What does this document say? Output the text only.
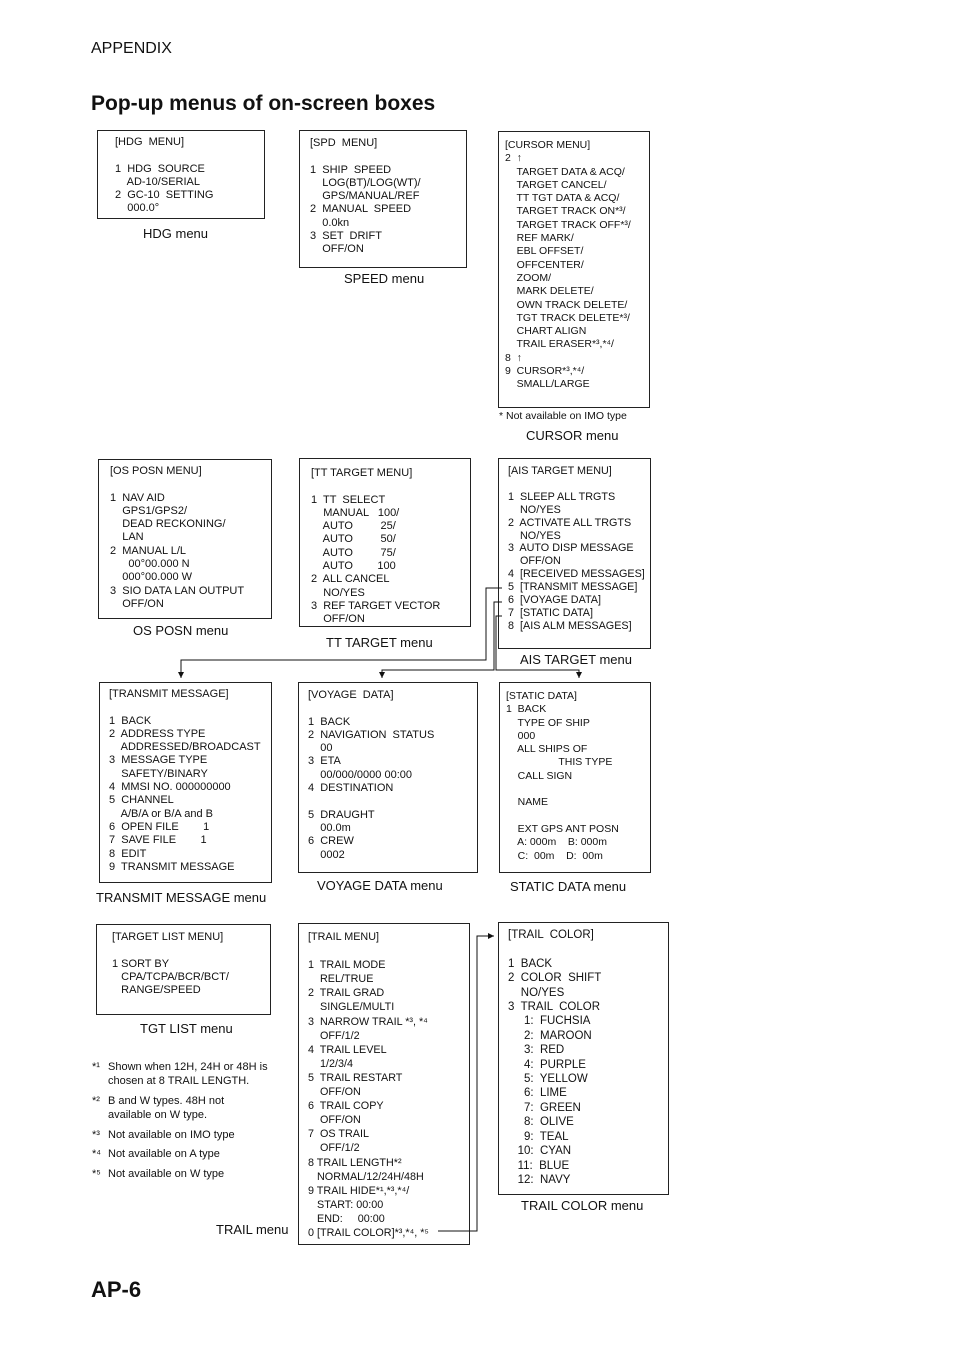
APPENDIX
Pop-up menus of on-screen boxes
[HDG  MENU]

1  HDG  SOURCE
AD-10/SERIAL
2  GC-10  SETTING
000.0°
HDG menu
[SPD  MENU]

1  SHIP  SPEED
LOG(BT)/LOG(WT)/
GPS/MANUAL/REF
2  MANUAL  SPEED
0.0kn
3  SET  DRIFT
OFF/ON
SPEED menu
[CURSOR MENU]
2  ↑
TARGET DATA & ACQ/
TARGET CANCEL/
TT TGT DATA & ACQ/
TARGET TRACK ON*³/
TARGET TRACK OFF*³/
REF MARK/
EBL OFFSET/
OFFCENTER/
ZOOM/
MARK DELETE/
OWN TRACK DELETE/
TGT TRACK DELETE*³/
CHART ALIGN
TRAIL ERASER*³,*⁴/
8  ↑
9  CURSOR*³,*⁴/
SMALL/LARGE
* Not available on IMO type
CURSOR menu
[OS POSN MENU]

1  NAV AID
GPS1/GPS2/
DEAD RECKONING/
LAN
2  MANUAL L/L
00°00.000 N
000°00.000 W
3  SIO DATA LAN OUTPUT
OFF/ON
OS POSN menu
[TT TARGET MENU]

1  TT  SELECT
MANUAL   100/
AUTO         25/
AUTO         50/
AUTO         75/
AUTO        100
2  ALL CANCEL
NO/YES
3  REF TARGET VECTOR
OFF/ON
TT TARGET menu
[AIS TARGET MENU]

1  SLEEP ALL TRGTS
NO/YES
2  ACTIVATE ALL TRGTS
NO/YES
3  AUTO DISP MESSAGE
OFF/ON
4  [RECEIVED MESSAGES]
5  [TRANSMIT MESSAGE]
6  [VOYAGE DATA]
7  [STATIC DATA]
8  [AIS ALM MESSAGES]
AIS TARGET menu
[TRANSMIT MESSAGE]

1  BACK
2  ADDRESS TYPE
ADDRESSED/BROADCAST
3  MESSAGE TYPE
SAFETY/BINARY
4  MMSI NO. 000000000
5  CHANNEL
A/B/A or B/A and B
6  OPEN FILE        1
7  SAVE FILE        1
8  EDIT
9  TRANSMIT MESSAGE
TRANSMIT MESSAGE menu
[VOYAGE  DATA]

1  BACK
2  NAVIGATION  STATUS
00
3  ETA
00/000/0000 00:00
4  DESTINATION

5  DRAUGHT
00.0m
6  CREW
0002
VOYAGE DATA menu
[STATIC DATA]
1  BACK
TYPE OF SHIP
000
ALL SHIPS OF
THIS TYPE
CALL SIGN

NAME

EXT GPS ANT POSN
A: 000m    B: 000m
C:  00m    D:  00m
STATIC DATA menu
[TARGET LIST MENU]

1 SORT BY
CPA/TCPA/BCR/BCT/
RANGE/SPEED
TGT LIST menu
*¹ Shown when 12H, 24H or 48H is
chosen at 8 TRAIL LENGTH.
*² B and W types. 48H not
available on W type.
*³ Not available on IMO type
*⁴ Not available on A type
*⁵ Not available on W type
[TRAIL MENU]

1  TRAIL MODE
REL/TRUE
2  TRAIL GRAD
SINGLE/MULTI
3  NARROW TRAIL *³, *⁴
OFF/1/2
4  TRAIL LEVEL
1/2/3/4
5  TRAIL RESTART
OFF/ON
6  TRAIL COPY
OFF/ON
7  OS TRAIL
OFF/1/2
8 TRAIL LENGTH*²
NORMAL/12/24H/48H
9 TRAIL HIDE*¹,*³,*⁴/
START: 00:00
END:     00:00
0 [TRAIL COLOR]*³,*⁴, *⁵
TRAIL menu
[TRAIL  COLOR]

1  BACK
2  COLOR  SHIFT
NO/YES
3  TRAIL  COLOR
1:  FUCHSIA
2:  MAROON
3:  RED
4:  PURPLE
5:  YELLOW
6:  LIME
7:  GREEN
8:  OLIVE
9:  TEAL
10:  CYAN
11:  BLUE
12:  NAVY
TRAIL COLOR menu
AP-6
